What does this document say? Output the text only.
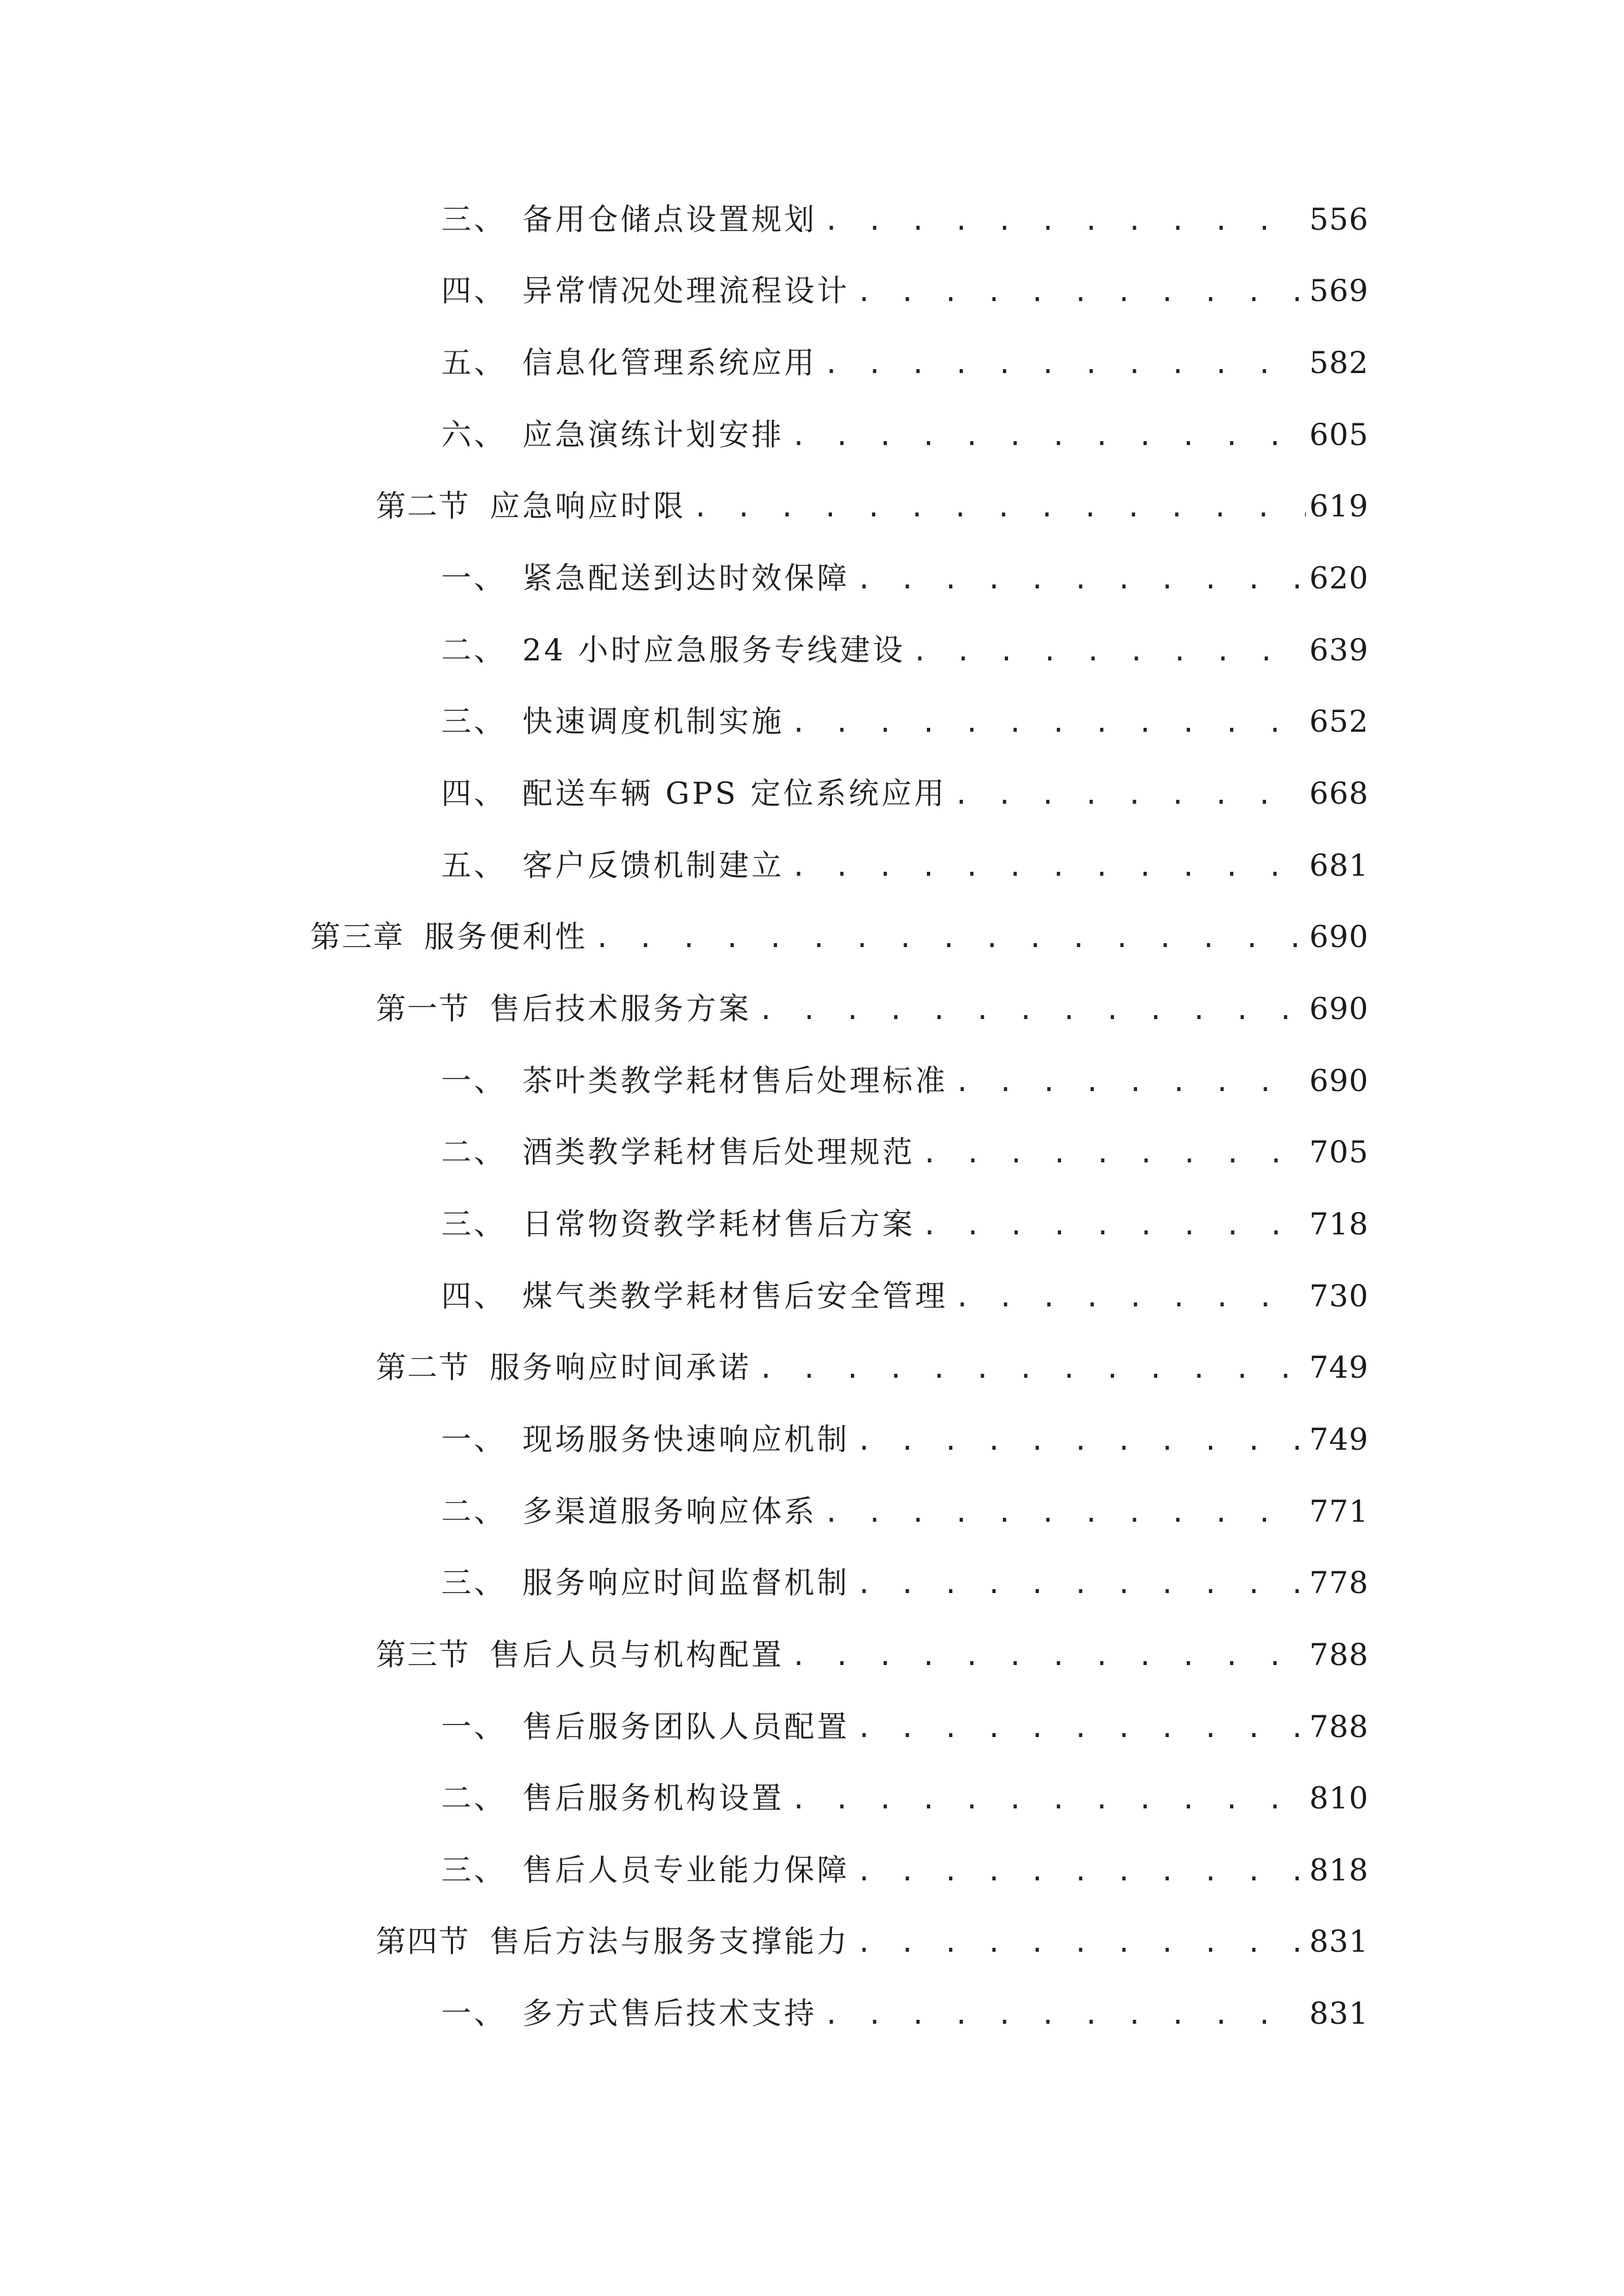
三、 备用仓储点设置规划 . . .	556
四、 异常情况处理流程设计 . . .	569
五、 信息化管理系统应用 . . .	582
六、 应急演练计划安排 . . .	605
第二节 应急响应时限 . . .	619
一、 紧急配送到达时效保障 . . .	620
二、 24 小时应急服务专线建设 . . .	639
三、 快速调度机制实施 . . .	652
四、 配送车辆 GPS 定位系统应用 . . .	668
五、 客户反馈机制建立 . . .	681
第三章 服务便利性 . . .	690
第一节 售后技术服务方案 . . .	690
一、 茶叶类教学耗材售后处理标准 . . .	690
二、 酒类教学耗材售后处理规范 . . .	705
三、 日常物资教学耗材售后方案 . . .	718
四、 煤气类教学耗材售后安全管理 . . .	730
第二节 服务响应时间承诺 . . .	749
一、 现场服务快速响应机制 . . .	749
二、 多渠道服务响应体系 . . .	771
三、 服务响应时间监督机制 . . .	778
第三节 售后人员与机构配置 . . .	788
一、 售后服务团队人员配置 . . .	788
二、 售后服务机构设置 . . .	810
三、 售后人员专业能力保障 . . .	818
第四节 售后方法与服务支撑能力 . . .	831
一、 多方式售后技术支持 . . .	831
